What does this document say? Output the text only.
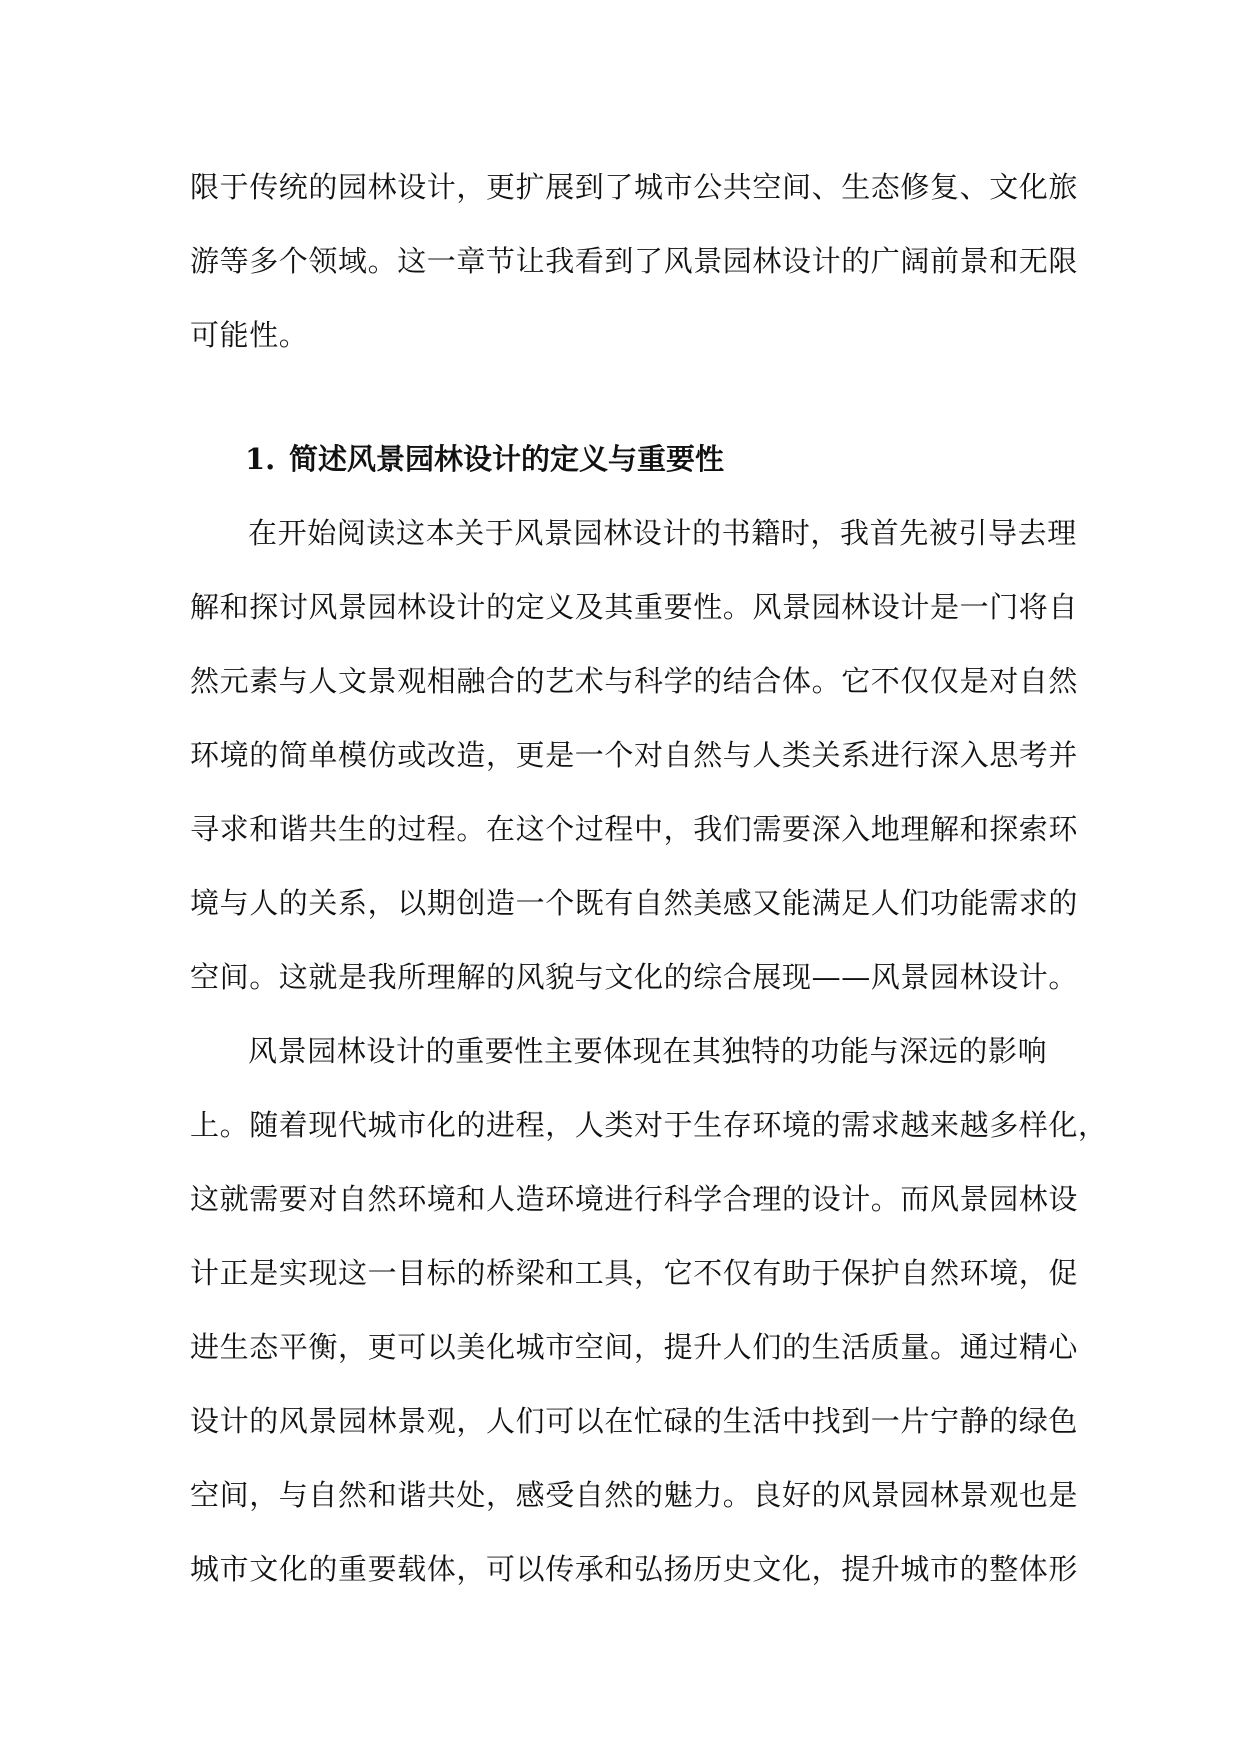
限于传统的园林设计，更扩展到了城市公共空间、生态修复、文化旅
游等多个领域。这一章节让我看到了风景园林设计的广阔前景和无限
可能性。
1. 简述风景园林设计的定义与重要性
在开始阅读这本关于风景园林设计的书籍时，我首先被引导去理
解和探讨风景园林设计的定义及其重要性。风景园林设计是一门将自
然元素与人文景观相融合的艺术与科学的结合体。它不仅仅是对自然
环境的简单模仿或改造，更是一个对自然与人类关系进行深入思考并
寻求和谐共生的过程。在这个过程中，我们需要深入地理解和探索环
境与人的关系，以期创造一个既有自然美感又能满足人们功能需求的
空间。这就是我所理解的风貌与文化的综合展现——风景园林设计。
风景园林设计的重要性主要体现在其独特的功能与深远的影响
上。随着现代城市化的进程，人类对于生存环境的需求越来越多样化，
这就需要对自然环境和人造环境进行科学合理的设计。而风景园林设
计正是实现这一目标的桥梁和工具，它不仅有助于保护自然环境，促
进生态平衡，更可以美化城市空间，提升人们的生活质量。通过精心
设计的风景园林景观，人们可以在忙碌的生活中找到一片宁静的绿色
空间，与自然和谐共处，感受自然的魅力。良好的风景园林景观也是
城市文化的重要载体，可以传承和弘扬历史文化，提升城市的整体形
